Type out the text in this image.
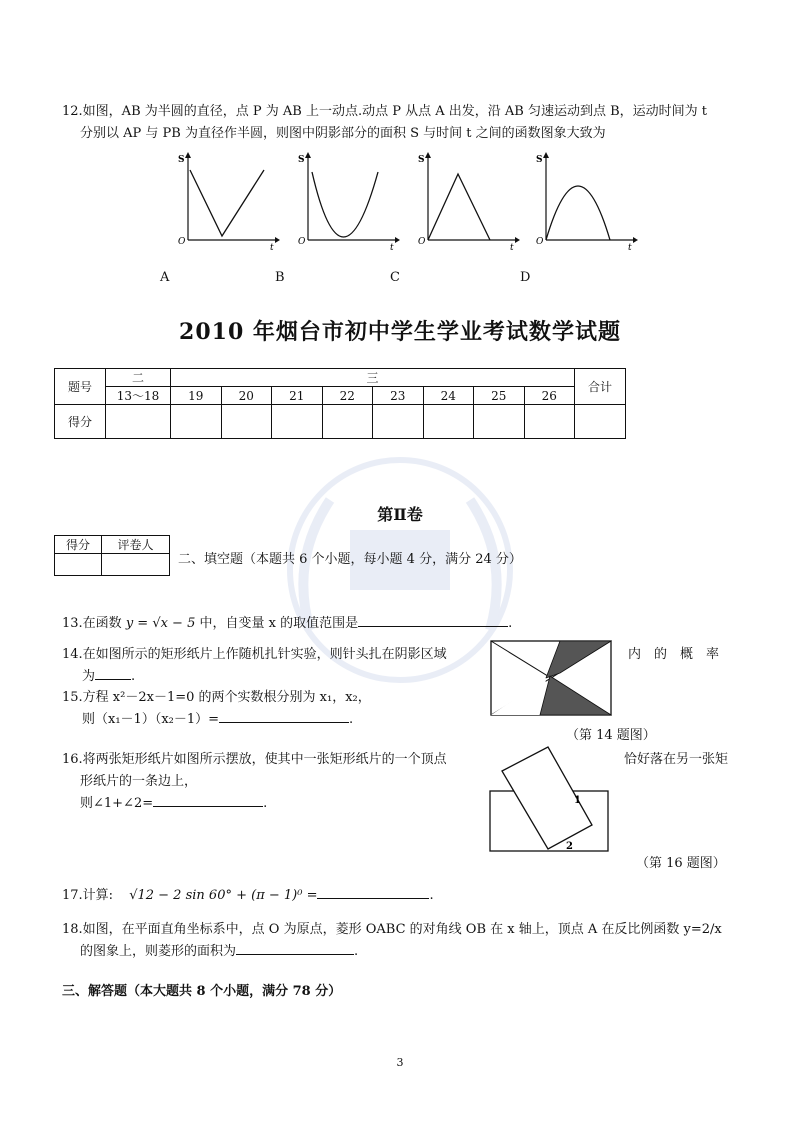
12.如图，AB 为半圆的直径，点 P 为 AB 上一动点.动点 P 从点 A 出发，沿 AB 匀速运动到点 B，运动时间为 t
分别以 AP 与 PB 为直径作半圆，则图中阴影部分的面积 S 与时间 t 之间的函数图象大致为
S
O
t
S
O
t
S
O
t
S
O
t
A	B	C	D
2010 年烟台市初中学生学业考试数学试题
题号	二	三								合计
	13～18	19	20	21	22	23	24	25	26	
得分										
第Ⅱ卷
得分	评卷人

二、填空题（本题共 6 个小题，每小题 4 分，满分 24 分）
13.在函数 y = √x − 5 中，自变量 x 的取值范围是	.
14.在如图所示的矩形纸片上作随机扎针实验，则针头扎在阴影区域	内　的　概　率
为	.
（第 14 题图）
15.方程 x²－2x－1=0 的两个实数根分别为 x₁，x₂，
则（x₁－1）（x₂－1）=	.
16.将两张矩形纸片如图所示摆放，使其中一张矩形纸片的一个顶点	恰好落在另一张矩
形纸片的一条边上，
则∠1+∠2=	.	1
2
（第 16 题图）
17.计算: √12 − 2 sin 60° + (π − 1)⁰ =	.
18.如图，在平面直角坐标系中，点 O 为原点，菱形 OABC 的对角线 OB 在 x 轴上，顶点 A 在反比例函数 y=2/x
的图象上，则菱形的面积为	.
三、解答题（本大题共 8 个小题，满分 78 分）
3
